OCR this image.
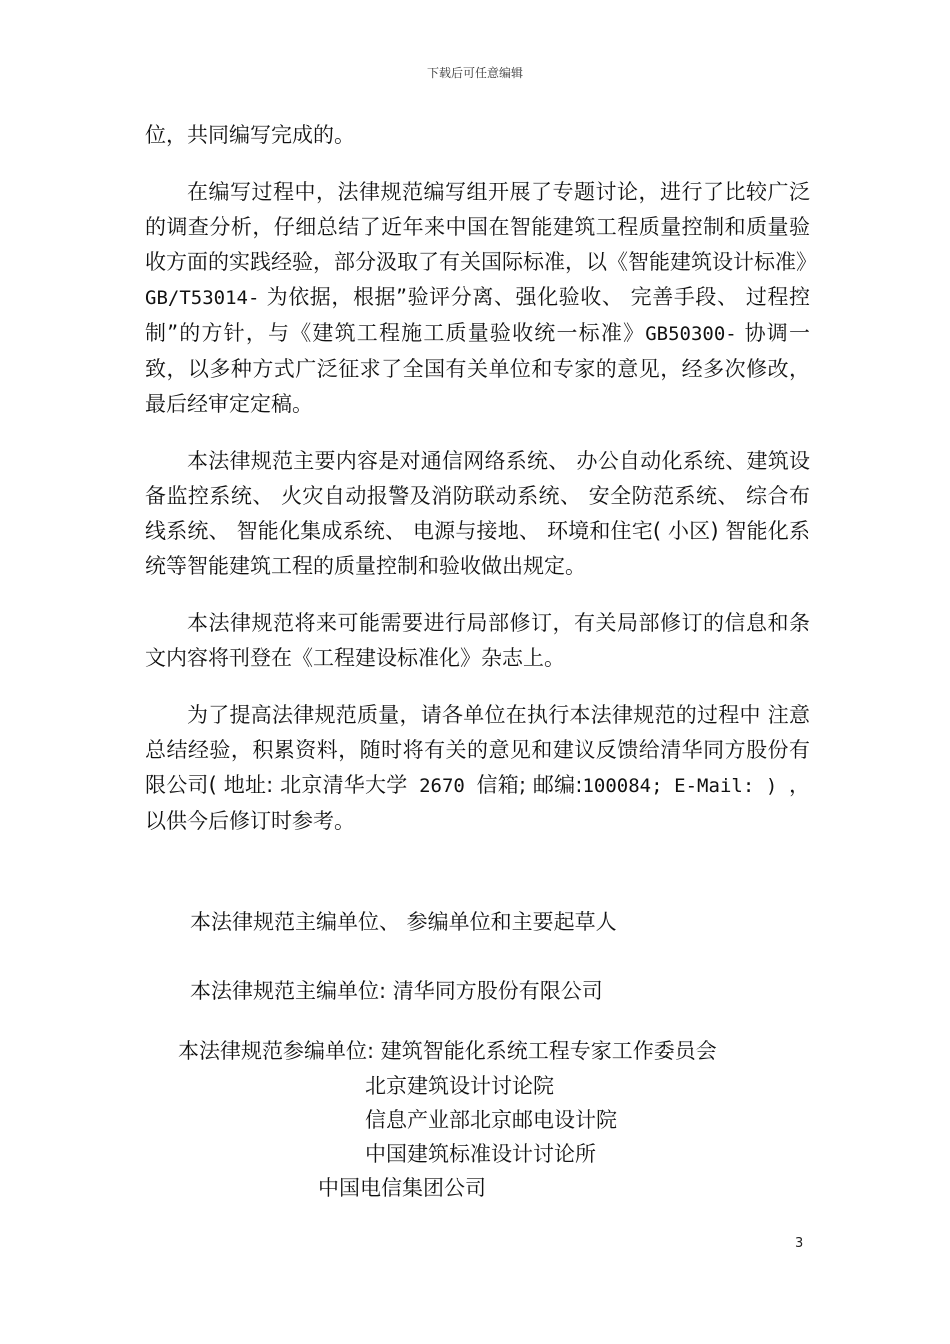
下载后可任意编辑

位，共同编写完成的。

在编写过程中，法律规范编写组开展了专题讨论，进行了比较广泛的调查分析，仔细总结了近年来中国在智能建筑工程质量控制和质量验收方面的实践经验，部分汲取了有关国际标准，以《智能建筑设计标准》GB/T53014- 为依据，根据”验评分离、强化验收、 完善手段、 过程控制”的方针，与《建筑工程施工质量验收统一标准》GB50300- 协调一致，以多种方式广泛征求了全国有关单位和专家的意见，经多次修改，最后经审定定稿。

本法律规范主要内容是对通信网络系统、 办公自动化系统、建筑设备监控系统、 火灾自动报警及消防联动系统、 安全防范系统、 综合布线系统、 智能化集成系统、 电源与接地、 环境和住宅( 小区) 智能化系统等智能建筑工程的质量控制和验收做出规定。

本法律规范将来可能需要进行局部修订，有关局部修订的信息和条文内容将刊登在《工程建设标准化》杂志上。

为了提高法律规范质量，请各单位在执行本法律规范的过程中 注意总结经验，积累资料，随时将有关的意见和建议反馈给清华同方股份有限公司( 地址: 北京清华大学 2670 信箱; 邮编:100084; E-Mail: ) ，以供今后修订时参考。

本法律规范主编单位、 参编单位和主要起草人
本法律规范主编单位: 清华同方股份有限公司
本法律规范参编单位: 建筑智能化系统工程专家工作委员会
北京建筑设计讨论院
信息产业部北京邮电设计院
中国建筑标准设计讨论所
中国电信集团公司
3
